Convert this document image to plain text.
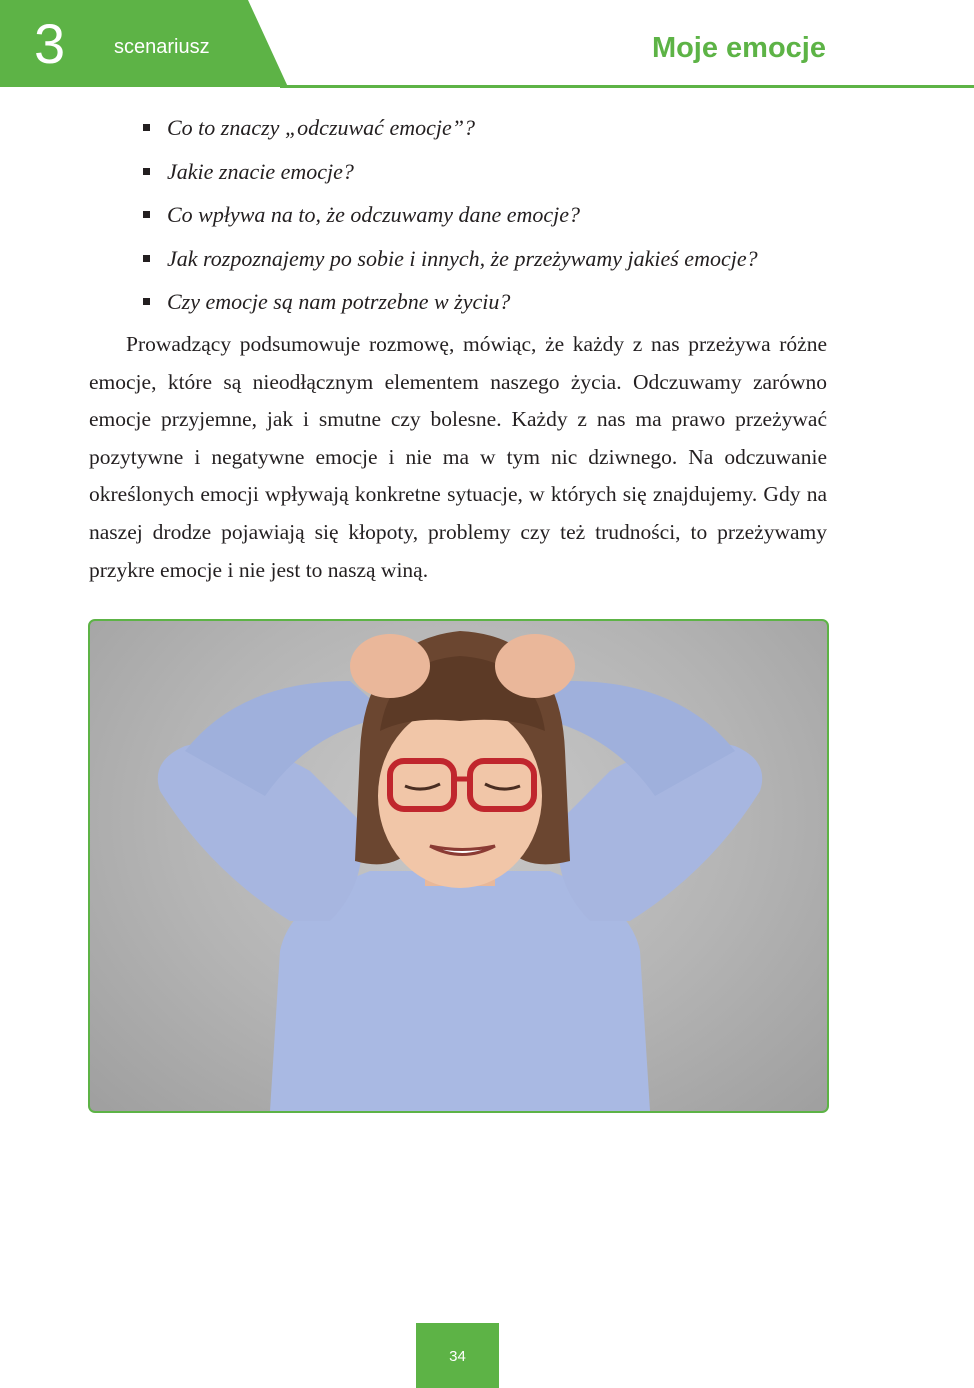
3 scenariusz	Moje emocje
Co to znaczy „odczuwać emocje”?
Jakie znacie emocje?
Co wpływa na to, że odczuwamy dane emocje?
Jak rozpoznajemy po sobie i innych, że przeżywamy jakieś emocje?
Czy emocje są nam potrzebne w życiu?

Prowadzący podsumowuje rozmowę, mówiąc, że każdy z nas przeżywa różne emocje, które są nieodłącznym elementem naszego życia. Odczuwamy zarówno emocje przyjemne, jak i smutne czy bolesne. Każdy z nas ma prawo przeżywać pozytywne i negatywne emocje i nie ma w tym nic dziwnego. Na odczuwanie określonych emocji wpływają konkretne sytuacje, w których się znajdujemy. Gdy na naszej drodze pojawiają się kłopoty, problemy czy też trudności, to przeżywamy przykre emocje i nie jest to naszą winą.

34
